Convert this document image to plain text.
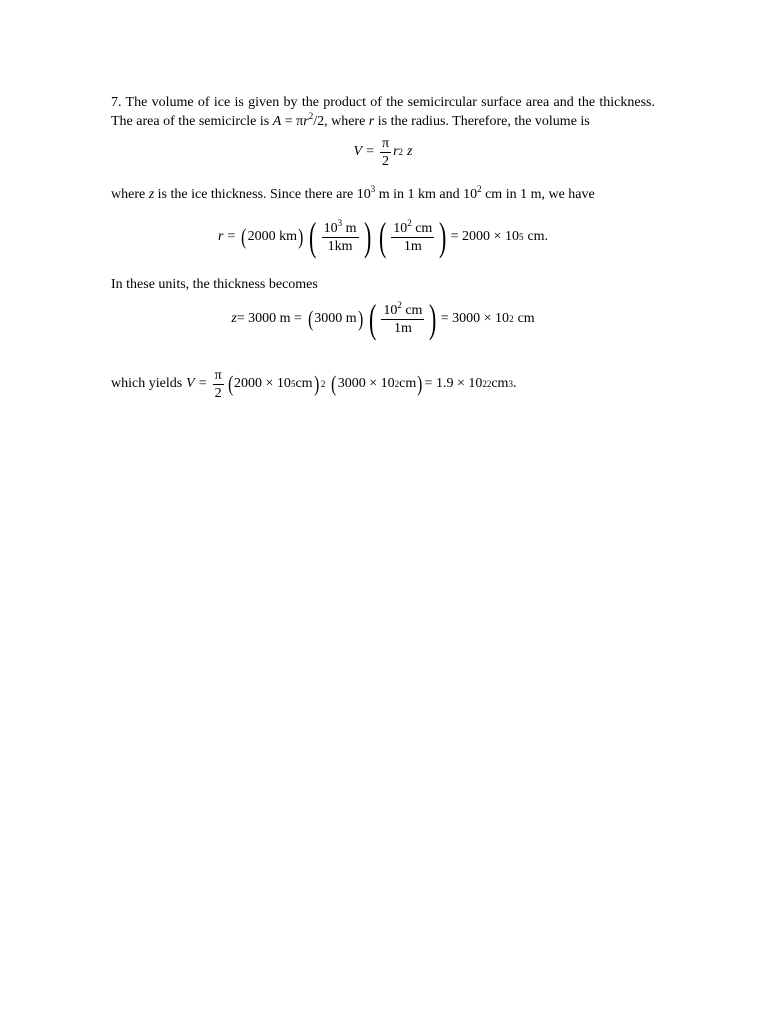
7. The volume of ice is given by the product of the semicircular surface area and the thickness. The area of the semicircle is $A = \pi r^2/2$, where r is the radius. Therefore, the volume is

$V = \frac{\pi}{2}$ r 2 z

where z is the ice thickness. Since there are $10^3$ m in 1 km and $10^2$ cm in 1 m, we have

r = ( 2000 km ) ( $\frac{10^3 m}{1km}$ ) ( $\frac{10^2 cm}{1m}$ ) = 2000 × 10 5 cm.

In these units, the thickness becomes

z = 3000 m = ( 3000 m ) ( $\frac{10^2 cm}{1m}$ ) = 3000 × 10 2 cm
which yields $V = \frac{\pi}{2}$ ( 2000 × 10 5 cm ) 2 ( 3000 × 10 2 cm ) = 1.9 × 10 22 cm 3 .
